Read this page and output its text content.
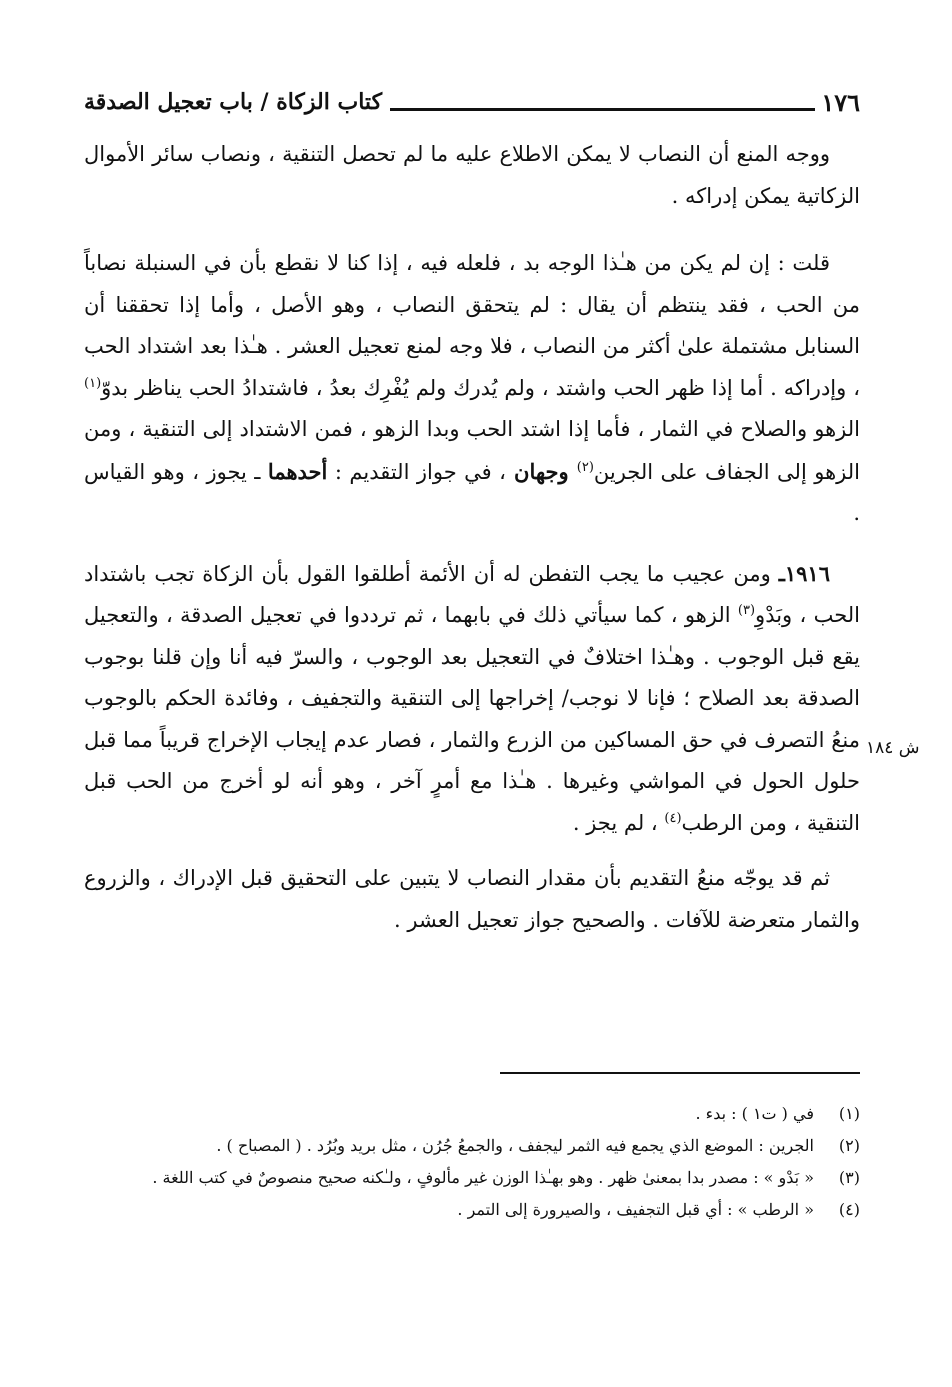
١٧٦
كتاب الزكاة / باب تعجيل الصدقة

ووجه المنع أن النصاب لا يمكن الاطلاع عليه ما لم تحصل التنقية ، ونصاب سائر الأموال الزكاتية يمكن إدراكه .

قلت : إن لم يكن من هـٰذا الوجه بد ، فلعله فيه ، إذا كنا لا نقطع بأن في السنبلة نصاباً من الحب ، فقد ينتظم أن يقال : لم يتحقق النصاب ، وهو الأصل ، وأما إذا تحققنا أن السنابل مشتملة علىٰ أكثر من النصاب ، فلا وجه لمنع تعجيل العشر . هـٰذا بعد اشتداد الحب ، وإدراكه . أما إذا ظهر الحب واشتد ، ولم يُدرك ولم يُفْرِك بعدُ ، فاشتدادُ الحب يناظر بدوّ$^{(١)}$ الزهو والصلاح في الثمار ، فأما إذا اشتد الحب وبدا الزهو ، فمن الاشتداد إلى التنقية ، ومن الزهو إلى الجفاف على الجرين$^{(٢)}$ وجهان ، في جواز التقديم : أحدهما ـ يجوز ، وهو القياس .

١٩١٦ـ ومن عجيب ما يجب التفطن له أن الأئمة أطلقوا القول بأن الزكاة تجب باشتداد الحب ، وبَدْوِ$^{(٣)}$ الزهو ، كما سيأتي ذلك في بابهما ، ثم ترددوا في تعجيل الصدقة ، والتعجيل يقع قبل الوجوب . وهـٰذا اختلافٌ في التعجيل بعد الوجوب ، والسرّ فيه أنا وإن قلنا بوجوب الصدقة بعد الصلاح ؛ فإنا لا نوجب/ إخراجها إلى التنقية والتجفيف ، وفائدة الحكم بالوجوب منعُ التصرف في حق المساكين من الزرع والثمار ، فصار عدم إيجاب الإخراج قريباً مما قبل حلول الحول في المواشي وغيرها . هـٰذا مع أمرٍ آخر ، وهو أنه لو أخرج من الحب قبل التنقية ، ومن الرطب$^{(٤)}$ ، لم يجز .

ثم قد يوجّه منعُ التقديم بأن مقدار النصاب لا يتبين على التحقيق قبل الإدراك ، والزروع والثمار متعرضة للآفات . والصحيح جواز تعجيل العشر .

ش ١٨٤
(١)
في ( ت١ ) : بدء .
(٢)
الجرين : الموضع الذي يجمع فيه الثمر ليجفف ، والجمعُ جُرُن ، مثل بريد وبُرُد . ( المصباح ) .
(٣)
« بَدْو » : مصدر بدا بمعنىٰ ظهر . وهو بهـٰذا الوزن غير مألوفٍ ، ولـٰكنه صحيح منصوصٌ في كتب اللغة .
(٤)
« الرطب » : أي قبل التجفيف ، والصيرورة إلى التمر .
